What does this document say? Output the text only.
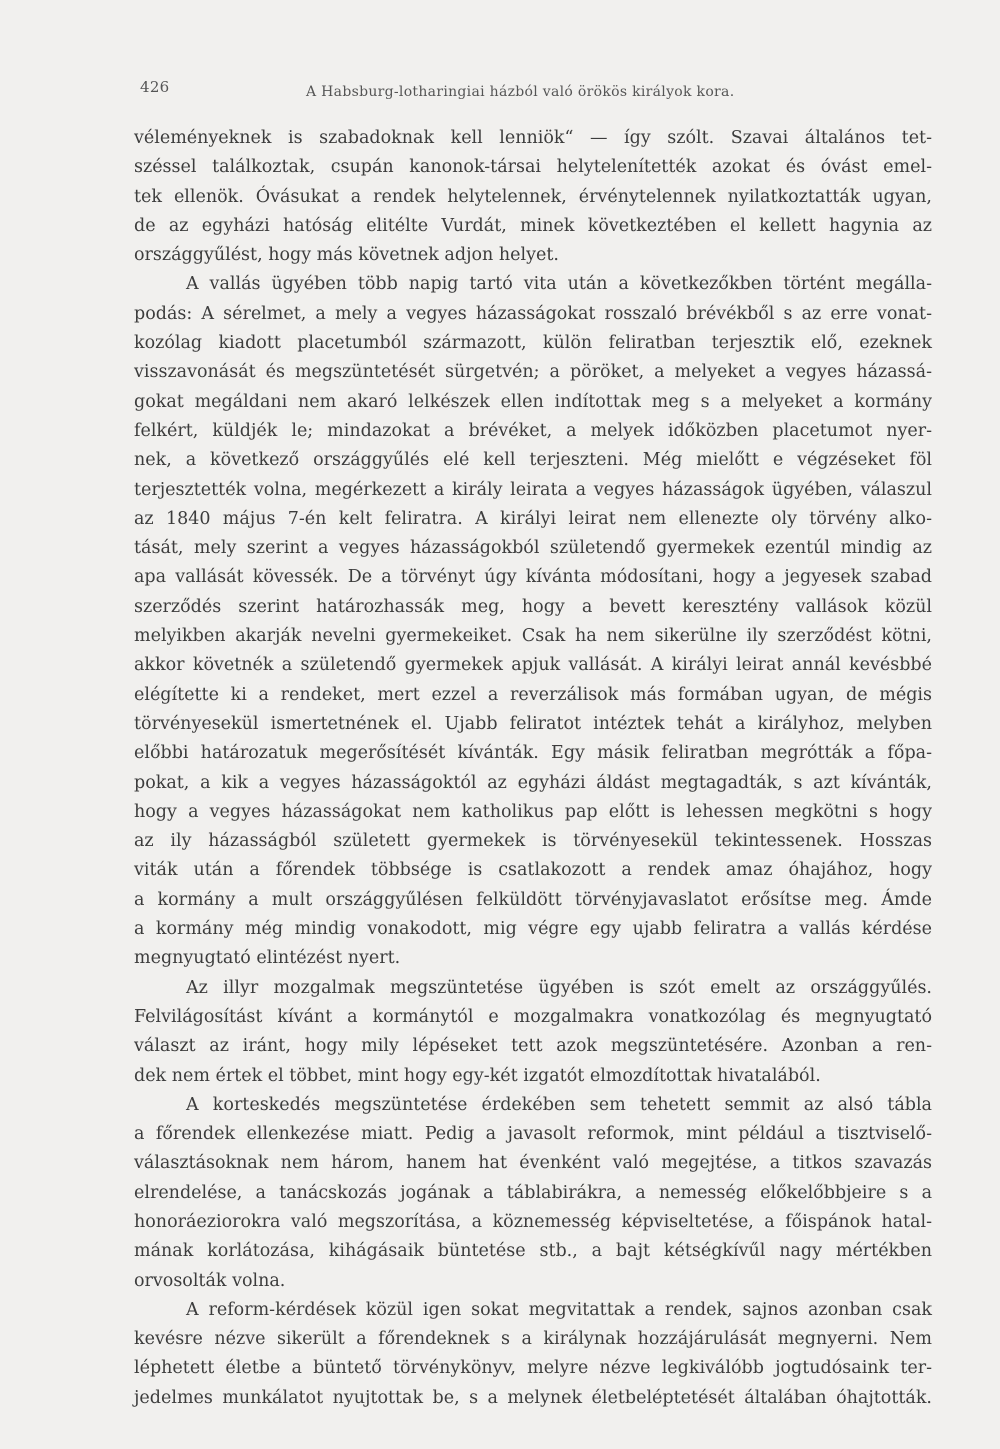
426	A Habsburg-lotharingiai házból való örökös királyok kora.
véleményeknek is szabadoknak kell lenniök“ — így szólt. Szavai általános tet-
széssel találkoztak, csupán kanonok-társai helytelenítették azokat és óvást emel-
tek ellenök. Óvásukat a rendek helytelennek, érvénytelennek nyilatkoztatták ugyan,
de az egyházi hatóság elitélte Vurdát, minek következtében el kellett hagynia az
országgyűlést, hogy más követnek adjon helyet.
A vallás ügyében több napig tartó vita után a következőkben történt megálla-
podás: A sérelmet, a mely a vegyes házasságokat rosszaló brévékből s az erre vonat-
kozólag kiadott placetumból származott, külön feliratban terjesztik elő, ezeknek
visszavonását és megszüntetését sürgetvén; a pöröket, a melyeket a vegyes házassá-
gokat megáldani nem akaró lelkészek ellen indítottak meg s a melyeket a kormány
felkért, küldjék le; mindazokat a brévéket, a melyek időközben placetumot nyer-
nek, a következő országgyűlés elé kell terjeszteni. Még mielőtt e végzéseket föl
terjesztették volna, megérkezett a király leirata a vegyes házasságok ügyében, válaszul
az 1840 május 7-én kelt feliratra. A királyi leirat nem ellenezte oly törvény alko-
tását, mely szerint a vegyes házasságokból születendő gyermekek ezentúl mindig az
apa vallását kövessék. De a törvényt úgy kívánta módosítani, hogy a jegyesek szabad
szerződés szerint határozhassák meg, hogy a bevett keresztény vallások közül
melyikben akarják nevelni gyermekeiket. Csak ha nem sikerülne ily szerződést kötni,
akkor követnék a születendő gyermekek apjuk vallását. A királyi leirat annál kevésbbé
elégítette ki a rendeket, mert ezzel a reverzálisok más formában ugyan, de mégis
törvényesekül ismertetnének el. Ujabb feliratot intéztek tehát a királyhoz, melyben
előbbi határozatuk megerősítését kívánták. Egy másik feliratban megrótták a főpa-
pokat, a kik a vegyes házasságoktól az egyházi áldást megtagadták, s azt kívánták,
hogy a vegyes házasságokat nem katholikus pap előtt is lehessen megkötni s hogy
az ily házasságból született gyermekek is törvényesekül tekintessenek. Hosszas
viták után a főrendek többsége is csatlakozott a rendek amaz óhajához, hogy
a kormány a mult országgyűlésen felküldött törvényjavaslatot erősítse meg. Ámde
a kormány még mindig vonakodott, mig végre egy ujabb feliratra a vallás kérdése
megnyugtató elintézést nyert.
Az illyr mozgalmak megszüntetése ügyében is szót emelt az országgyűlés.
Felvilágosítást kívánt a kormánytól e mozgalmakra vonatkozólag és megnyugtató
választ az iránt, hogy mily lépéseket tett azok megszüntetésére. Azonban a ren-
dek nem értek el többet, mint hogy egy-két izgatót elmozdítottak hivatalából.
A korteskedés megszüntetése érdekében sem tehetett semmit az alsó tábla
a főrendek ellenkezése miatt. Pedig a javasolt reformok, mint például a tisztviselő-
választásoknak nem három, hanem hat évenként való megejtése, a titkos szavazás
elrendelése, a tanácskozás jogának a táblabirákra, a nemesség előkelőbbjeire s a
honoráeziorokra való megszorítása, a köznemesség képviseltetése, a főispánok hatal-
mának korlátozása, kihágásaik büntetése stb., a bajt kétségkívűl nagy mértékben
orvosolták volna.
A reform-kérdések közül igen sokat megvitattak a rendek, sajnos azonban csak
kevésre nézve sikerült a főrendeknek s a királynak hozzájárulását megnyerni. Nem
léphetett életbe a büntető törvénykönyv, melyre nézve legkiválóbb jogtudósaink ter-
jedelmes munkálatot nyujtottak be, s a melynek életbeléptetését általában óhajtották.
